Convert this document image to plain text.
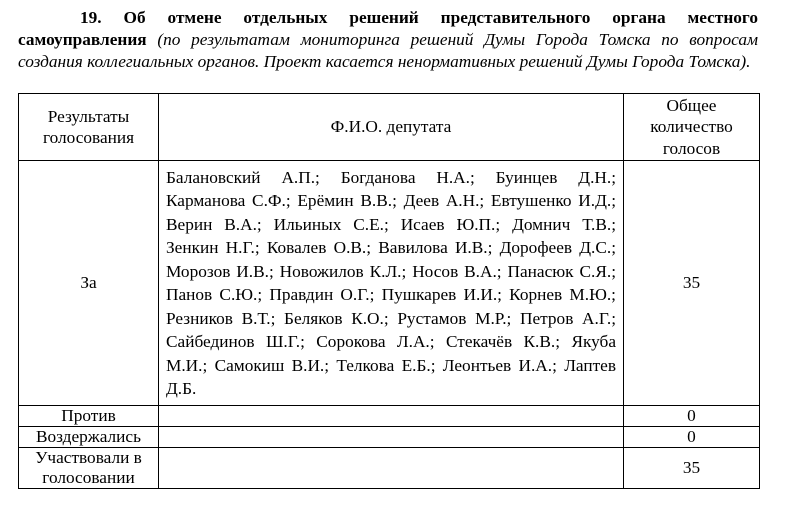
19. Об отмене отдельных решений представительного органа местного самоуправления (по результатам мониторинга решений Думы Города Томска по вопросам создания коллегиальных органов. Проект касается ненормативных решений Думы Города Томска).
Результаты голосования	Ф.И.О. депутата	Общее количество голосов
За	Балановский А.П.; Богданова Н.А.; Буинцев Д.Н.; Карманова С.Ф.; Ерёмин В.В.; Деев А.Н.; Евтушенко И.Д.; Верин В.А.; Ильиных С.Е.; Исаев Ю.П.; Домнич Т.В.; Зенкин Н.Г.; Ковалев О.В.; Вавилова И.В.; Дорофеев Д.С.; Морозов И.В.; Новожилов К.Л.; Носов В.А.; Панасюк С.Я.; Панов С.Ю.; Правдин О.Г.; Пушкарев И.И.; Корнев М.Ю.; Резников В.Т.; Беляков К.О.; Рустамов М.Р.; Петров А.Г.; Сайбединов Ш.Г.; Сорокова Л.А.; Стекачёв К.В.; Якуба М.И.; Самокиш В.И.; Телкова Е.Б.; Леонтьев И.А.; Лаптев Д.Б.	35
Против		0
Воздержались		0
Участвовали в голосовании		35
